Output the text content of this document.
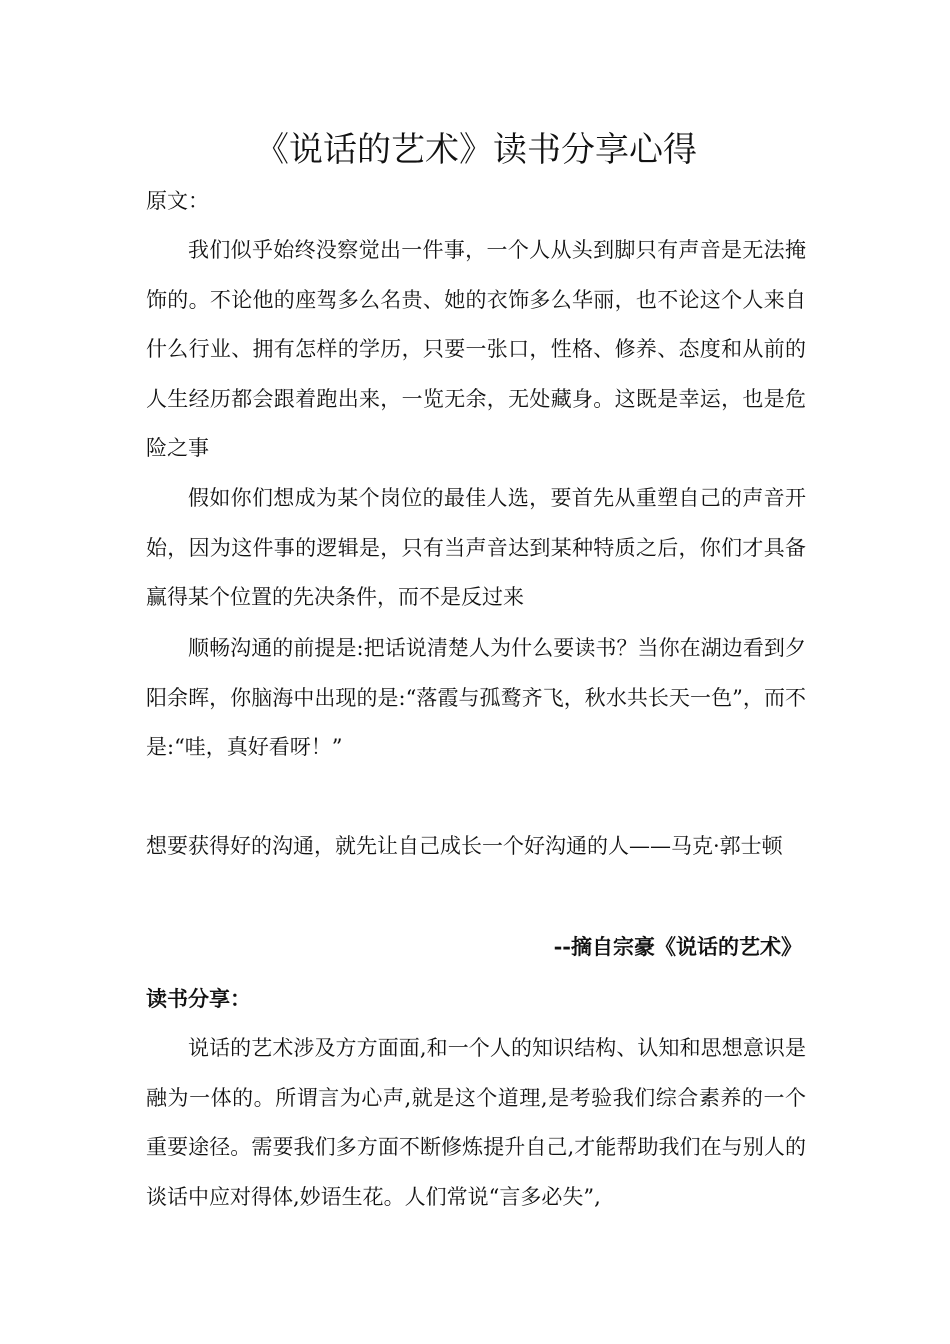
《说话的艺术》读书分享心得

原文：

我们似乎始终没察觉出一件事，一个人从头到脚只有声音是无法掩饰的。不论他的座驾多么名贵、她的衣饰多么华丽，也不论这个人来自什么行业、拥有怎样的学历，只要一张口，性格、修养、态度和从前的人生经历都会跟着跑出来，一览无余，无处藏身。这既是幸运，也是危险之事

假如你们想成为某个岗位的最佳人选，要首先从重塑自己的声音开始，因为这件事的逻辑是，只有当声音达到某种特质之后，你们才具备赢得某个位置的先决条件，而不是反过来

顺畅沟通的前提是:把话说清楚人为什么要读书？当你在湖边看到夕阳余晖，你脑海中出现的是:“落霞与孤鹜齐飞，秋水共长天一色”，而不是:“哇，真好看呀！”

想要获得好的沟通，就先让自己成长一个好沟通的人——马克·郭士顿

--摘自宗豪《说话的艺术》

读书分享：

说话的艺术涉及方方面面,和一个人的知识结构、认知和思想意识是融为一体的。所谓言为心声,就是这个道理,是考验我们综合素养的一个重要途径。需要我们多方面不断修炼提升自己,才能帮助我们在与别人的谈话中应对得体,妙语生花。人们常说“言多必失”,
